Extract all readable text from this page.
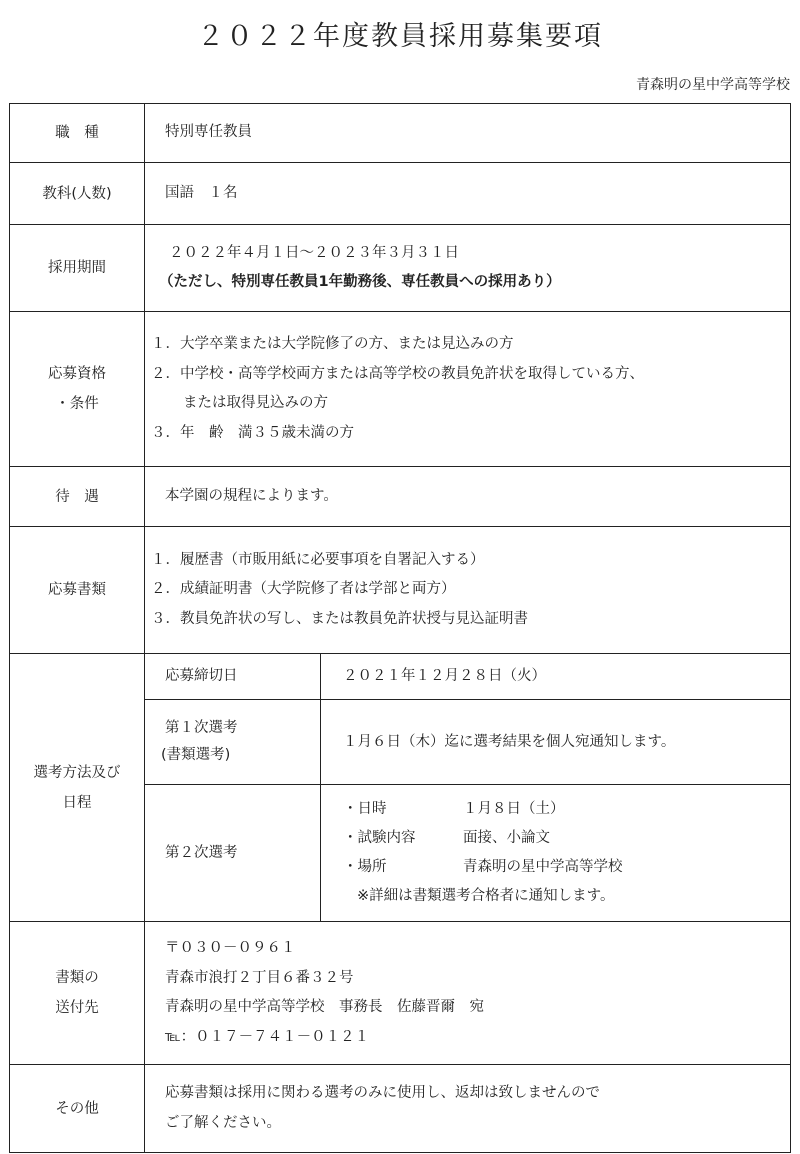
２０２２年度教員採用募集要項
青森明の星中学高等学校
職　種	特別専任教員	
教科(人数)	国語　１名	
採用期間	２０２２年４月１日～２０２３年３月３１日
（ただし、特別専任教員1年勤務後、専任教員への採用あり）	

応募資格
・条件	１．大学卒業または大学院修了の方、または見込みの方
２．中学校・高等学校両方または高等学校の教員免許状を取得している方、
または取得見込みの方
３．年　齢　満３５歳未満の方	

待　遇	本学園の規程によります。	
応募書類	１．履歴書（市販用紙に必要事項を自署記入する）
２．成績証明書（大学院修了者は学部と両方）
３．教員免許状の写し、または教員免許状授与見込証明書	

選考方法及び
日程	応募締切日	２０２１年１２月２８日（火）

	第１次選考
(書類選考)	１月６日（木）迄に選考結果を個人宛通知します。
	第２次選考	・日時 １月８日（土）
・試験内容 面接、小論文
・場所 青森明の星中学高等学校
※詳細は書類選考合格者に通知します。

書類の
送付先	〒０３０－０９６１
青森市浪打２丁目６番３２号
青森明の星中学高等学校　事務長　佐藤晋爾　宛
℡：０１７－７４１－０１２１	

その他	応募書類は採用に関わる選考のみに使用し、返却は致しませんので
ご了解ください。	
